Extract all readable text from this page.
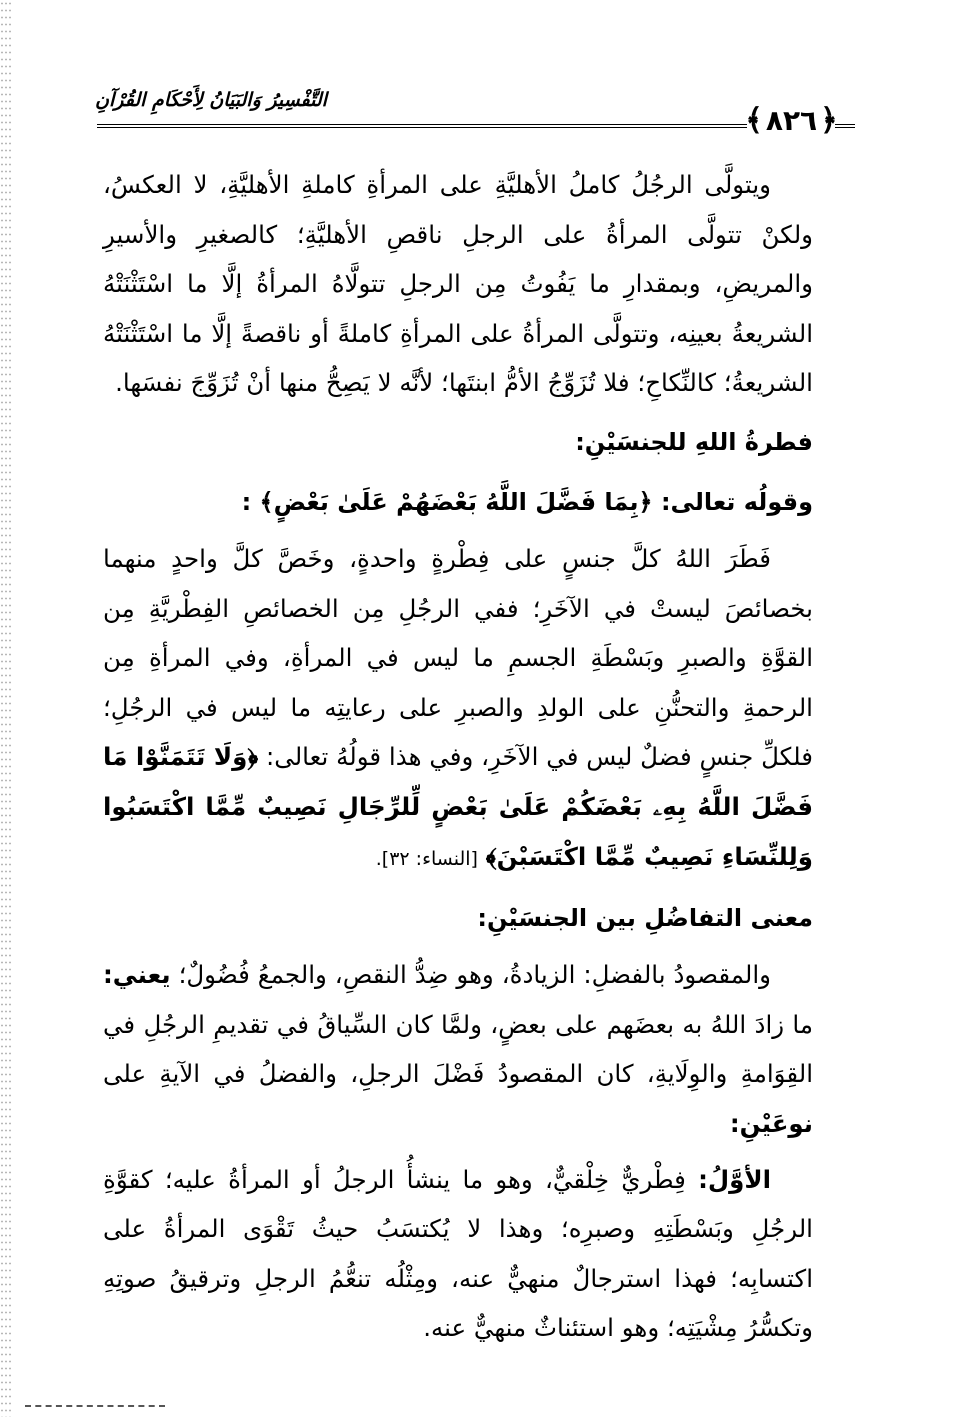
التَّفْسِيرُ وَالبَيَانُ لِأَحْكَامِ القُرْآنِ
﴿
٨٢٦
﴾

ويتولَّى الرجُلُ كاملُ الأهليَّةِ على المرأةِ كاملةِ الأهليَّةِ، لا العكسُ، ولكنْ تتولَّى المرأةُ على الرجلِ ناقصِ الأهليَّةِ؛ كالصغيرِ والأسيرِ والمريضِ، وبمقدارِ ما يَفُوتُ مِن الرجلِ تتولَّاهُ المرأةُ إلَّا ما اسْتَثْنَتْهُ الشريعةُ بعينِه، وتتولَّى المرأةُ على المرأةِ كاملةً أو ناقصةً إلَّا ما اسْتَثْنَتْهُ الشريعةُ؛ كالنِّكاحِ؛ فلا تُزَوِّجُ الأمُّ ابنتَها؛ لأنَّه لا يَصِحُّ منها أنْ تُزَوِّجَ نفسَها.

فطرةُ اللهِ للجنسَيْنِ:
وقولُه تعالى: ﴿بِمَا فَضَّلَ اللَّهُ بَعْضَهُمْ عَلَىٰ بَعْضٍ﴾ :

فَطَرَ اللهُ كلَّ جنسٍ على فِطْرةٍ واحدةٍ، وخَصَّ كلَّ واحدٍ منهما بخصائصَ ليستْ في الآخَرِ؛ ففي الرجُلِ مِن الخصائصِ الفِطْريَّةِ مِن القوَّةِ والصبرِ وبَسْطَةِ الجسمِ ما ليس في المرأةِ، وفي المرأةِ مِن الرحمةِ والتحنُّنِ على الولدِ والصبرِ على رعايتِه ما ليس في الرجُلِ؛ فلكلِّ جنسٍ فضلٌ ليس في الآخَرِ، وفي هذا قولُهُ تعالى: ﴿وَلَا تَتَمَنَّوْا مَا فَضَّلَ اللَّهُ بِهِۦ بَعْضَكُمْ عَلَىٰ بَعْضٍ لِّلرِّجَالِ نَصِيبٌ مِّمَّا اكْتَسَبُوا وَلِلنِّسَاءِ نَصِيبٌ مِّمَّا اكْتَسَبْنَ﴾ [النساء: ٣٢].

معنى التفاضُلِ بين الجنسَيْنِ:

والمقصودُ بالفضلِ: الزيادةُ، وهو ضِدُّ النقصِ، والجمعُ فُضُولٌ؛ يعني: ما زادَ اللهُ به بعضَهم على بعضٍ، ولمَّا كان السِّياقُ في تقديمِ الرجُلِ في القِوَامةِ والوِلَايةِ، كان المقصودُ فَضْلَ الرجلِ، والفضلُ في الآيةِ على نوعَيْنِ:

الأوَّلُ: فِطْريٌّ خِلْقيٌّ، وهو ما ينشأُ الرجلُ أو المرأةُ عليه؛ كقوَّةِ الرجُلِ وبَسْطَتِهِ وصبرِه؛ وهذا لا يُكتسَبُ حيثُ تَقْوَى المرأةُ على اكتسابِه؛ فهذا استرجالٌ منهيٌّ عنه، ومِثْلُه تنعُّمُ الرجلِ وترقيقُ صوتِهِ وتكسُّرُ مِشْيَتِه؛ وهو استئناثٌ منهيٌّ عنه.
